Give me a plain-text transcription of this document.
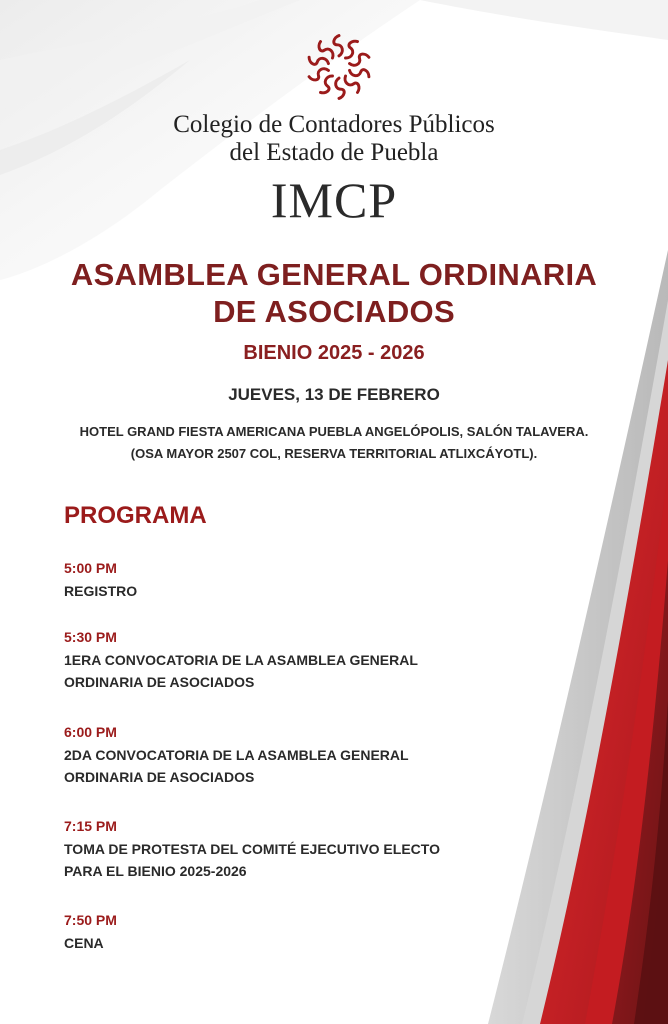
Colegio de Contadores Públicos
del Estado de Puebla
IMCP
ASAMBLEA GENERAL ORDINARIA
DE ASOCIADOS
BIENIO 2025 - 2026
JUEVES, 13 DE FEBRERO
HOTEL GRAND FIESTA AMERICANA PUEBLA ANGELÓPOLIS, SALÓN TALAVERA.
(OSA MAYOR 2507 COL, RESERVA TERRITORIAL ATLIXCÁYOTL).
PROGRAMA
5:00 PM
REGISTRO
5:30 PM
1ERA CONVOCATORIA DE LA ASAMBLEA GENERAL
ORDINARIA DE ASOCIADOS
6:00 PM
2DA CONVOCATORIA DE LA ASAMBLEA GENERAL
ORDINARIA DE ASOCIADOS
7:15 PM
TOMA DE PROTESTA DEL COMITÉ EJECUTIVO ELECTO
PARA EL BIENIO 2025-2026
7:50 PM
CENA
